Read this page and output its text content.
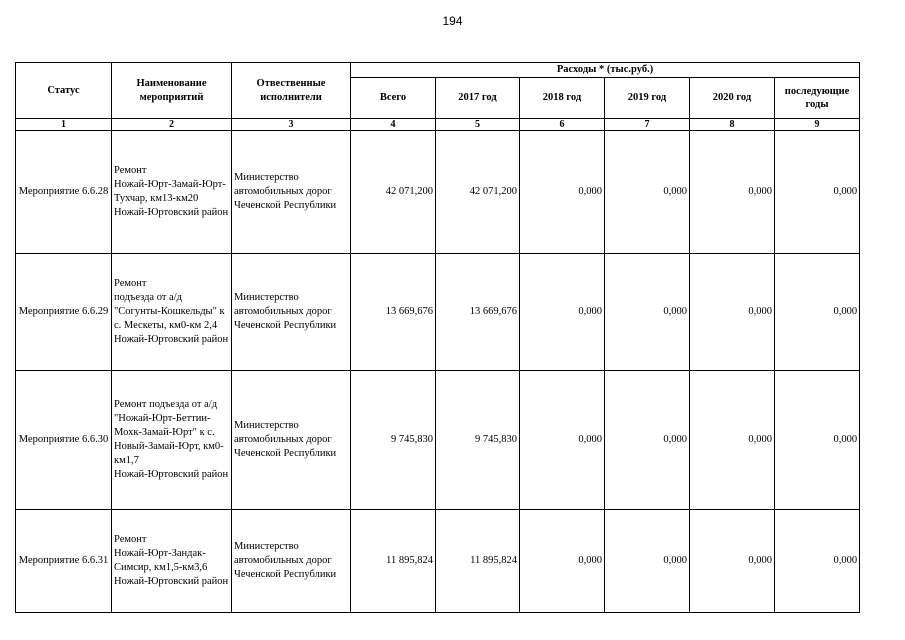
194
Статус	Наименование мероприятий	Отвественные исполнители	Расходы * (тыс.руб.)					
			Всего	2017 год	2018 год	2019 год	2020 год	последующие годы
1	2	3	4	5	6	7	8	9
Мероприятие 6.6.28	Ремонт
Ножай-Юрт-Замай-Юрт-Тухчар, км13-км20
Ножай-Юртовский район	Министерство автомобильных дорог Чеченской Республики	42 071,200	42 071,200	0,000	0,000	0,000	0,000
Мероприятие 6.6.29	Ремонт
подъезда от а/д "Согунты-Кошкельды" к с. Мескеты, км0-км 2,4
Ножай-Юртовский район	Министерство автомобильных дорог Чеченской Республики	13 669,676	13 669,676	0,000	0,000	0,000	0,000
Мероприятие 6.6.30	Ремонт подъезда от а/д
"Ножай-Юрт-Беттии-Мохк-Замай-Юрт" к с. Новый-Замай-Юрт, км0-км1,7
Ножай-Юртовский район	Министерство автомобильных дорог Чеченской Республики	9 745,830	9 745,830	0,000	0,000	0,000	0,000
Мероприятие 6.6.31	Ремонт
Ножай-Юрт-Зандак-Симсир, км1,5-км3,6
Ножай-Юртовский район	Министерство автомобильных дорог Чеченской Республики	11 895,824	11 895,824	0,000	0,000	0,000	0,000
